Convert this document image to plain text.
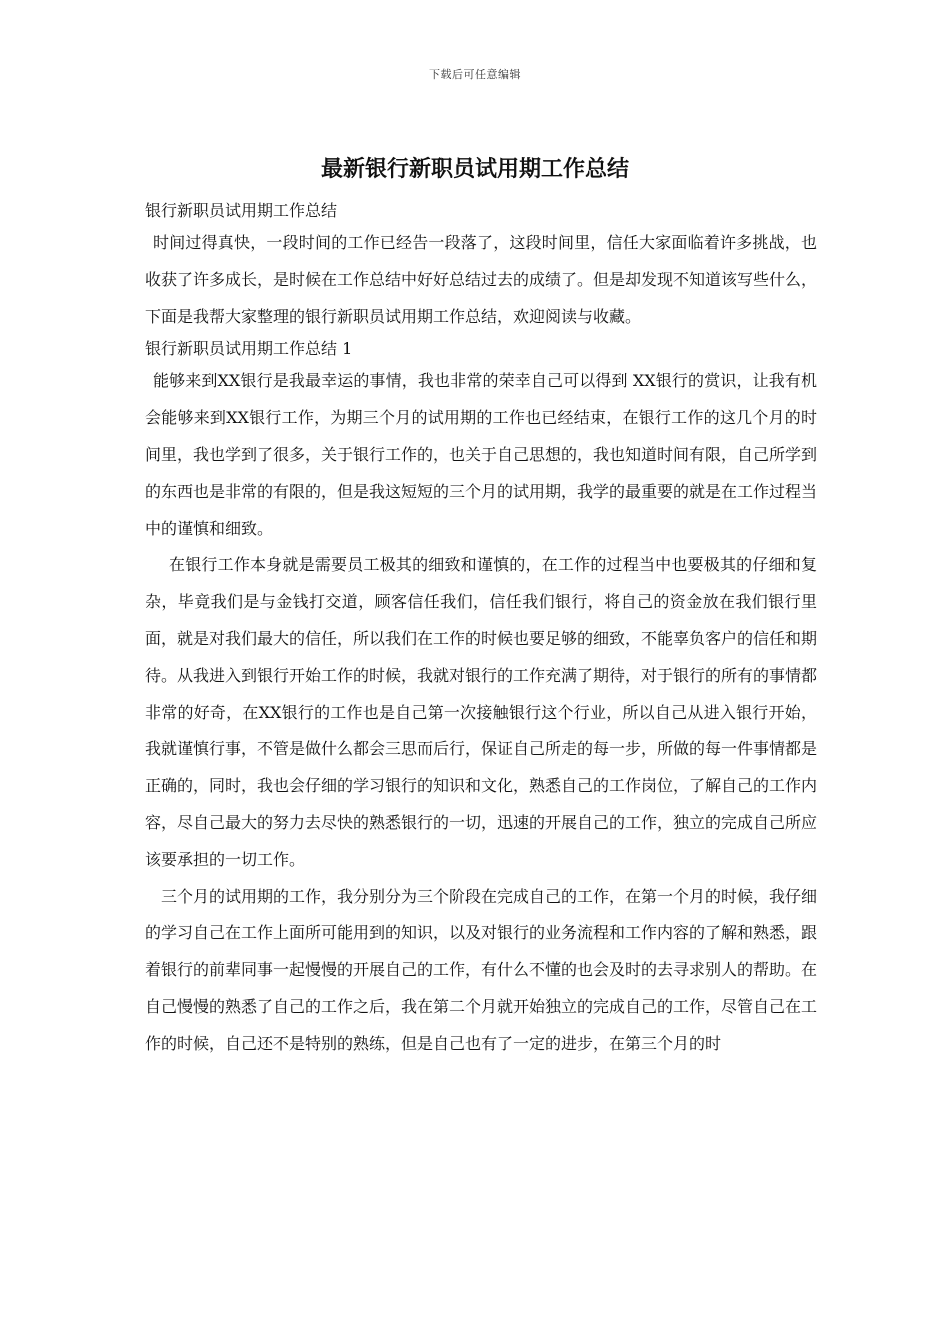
下载后可任意编辑
最新银行新职员试用期工作总结

银行新职员试用期工作总结

时间过得真快，一段时间的工作已经告一段落了，这段时间里，信任大家面临着许多挑战，也收获了许多成长，是时候在工作总结中好好总结过去的成绩了。但是却发现不知道该写些什么，下面是我帮大家整理的银行新职员试用期工作总结，欢迎阅读与收藏。

银行新职员试用期工作总结 1

能够来到XX银行是我最幸运的事情，我也非常的荣幸自己可以得到 XX银行的赏识，让我有机会能够来到XX银行工作，为期三个月的试用期的工作也已经结束，在银行工作的这几个月的时间里，我也学到了很多，关于银行工作的，也关于自己思想的，我也知道时间有限，自己所学到的东西也是非常的有限的，但是我这短短的三个月的试用期，我学的最重要的就是在工作过程当中的谨慎和细致。

在银行工作本身就是需要员工极其的细致和谨慎的，在工作的过程当中也要极其的仔细和复杂，毕竟我们是与金钱打交道，顾客信任我们，信任我们银行，将自己的资金放在我们银行里面，就是对我们最大的信任，所以我们在工作的时候也要足够的细致，不能辜负客户的信任和期待。从我进入到银行开始工作的时候，我就对银行的工作充满了期待，对于银行的所有的事情都非常的好奇，在XX银行的工作也是自己第一次接触银行这个行业，所以自己从进入银行开始，我就谨慎行事，不管是做什么都会三思而后行，保证自己所走的每一步，所做的每一件事情都是正确的，同时，我也会仔细的学习银行的知识和文化，熟悉自己的工作岗位，了解自己的工作内容，尽自己最大的努力去尽快的熟悉银行的一切，迅速的开展自己的工作，独立的完成自己所应该要承担的一切工作。

三个月的试用期的工作，我分别分为三个阶段在完成自己的工作，在第一个月的时候，我仔细的学习自己在工作上面所可能用到的知识，以及对银行的业务流程和工作内容的了解和熟悉，跟着银行的前辈同事一起慢慢的开展自己的工作，有什么不懂的也会及时的去寻求别人的帮助。在自己慢慢的熟悉了自己的工作之后，我在第二个月就开始独立的完成自己的工作，尽管自己在工作的时候，自己还不是特别的熟练，但是自己也有了一定的进步，在第三个月的时
